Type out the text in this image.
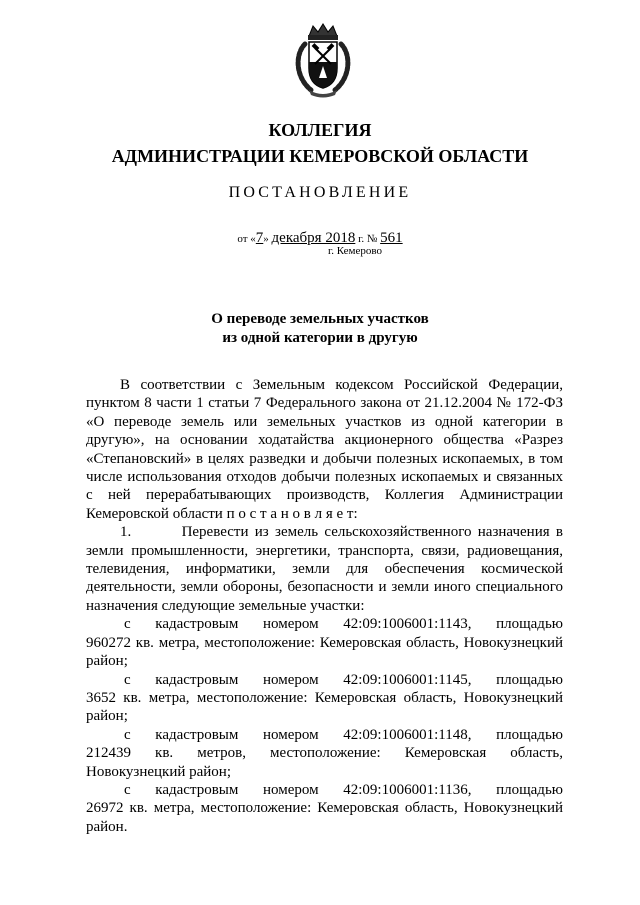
КОЛЛЕГИЯ
АДМИНИСТРАЦИИ КЕМЕРОВСКОЙ ОБЛАСТИ
ПОСТАНОВЛЕНИЕ
от «7» декабря 2018 г. № 561
г. Кемерово
О переводе земельных участков
из одной категории в другую
В соответствии с Земельным кодексом Российской Федерации,
пунктом 8 части 1 статьи 7 Федерального закона от 21.12.2004 № 172-ФЗ
«О переводе земель или земельных участков из одной категории в
другую», на основании ходатайства акционерного общества «Разрез
«Степановский» в целях разведки и добычи полезных ископаемых, в том
числе использования отходов добычи полезных ископаемых и связанных
с ней перерабатывающих производств, Коллегия Администрации
Кемеровской области п о с т а н о в л я е т:
1.        Перевести из земель сельскохозяйственного назначения в
земли промышленности, энергетики, транспорта, связи, радиовещания,
телевидения, информатики, земли для обеспечения космической
деятельности, земли обороны, безопасности и земли иного специального
назначения следующие земельные участки:
с кадастровым номером 42:09:1006001:1143, площадью
960272 кв. метра, местоположение: Кемеровская область, Новокузнецкий
район;
с кадастровым номером 42:09:1006001:1145, площадью
3652 кв. метра, местоположение: Кемеровская область, Новокузнецкий
район;
с кадастровым номером 42:09:1006001:1148, площадью
212439 кв. метров, местоположение: Кемеровская область,
Новокузнецкий район;
с кадастровым номером 42:09:1006001:1136, площадью
26972 кв. метра, местоположение: Кемеровская область, Новокузнецкий
район.
